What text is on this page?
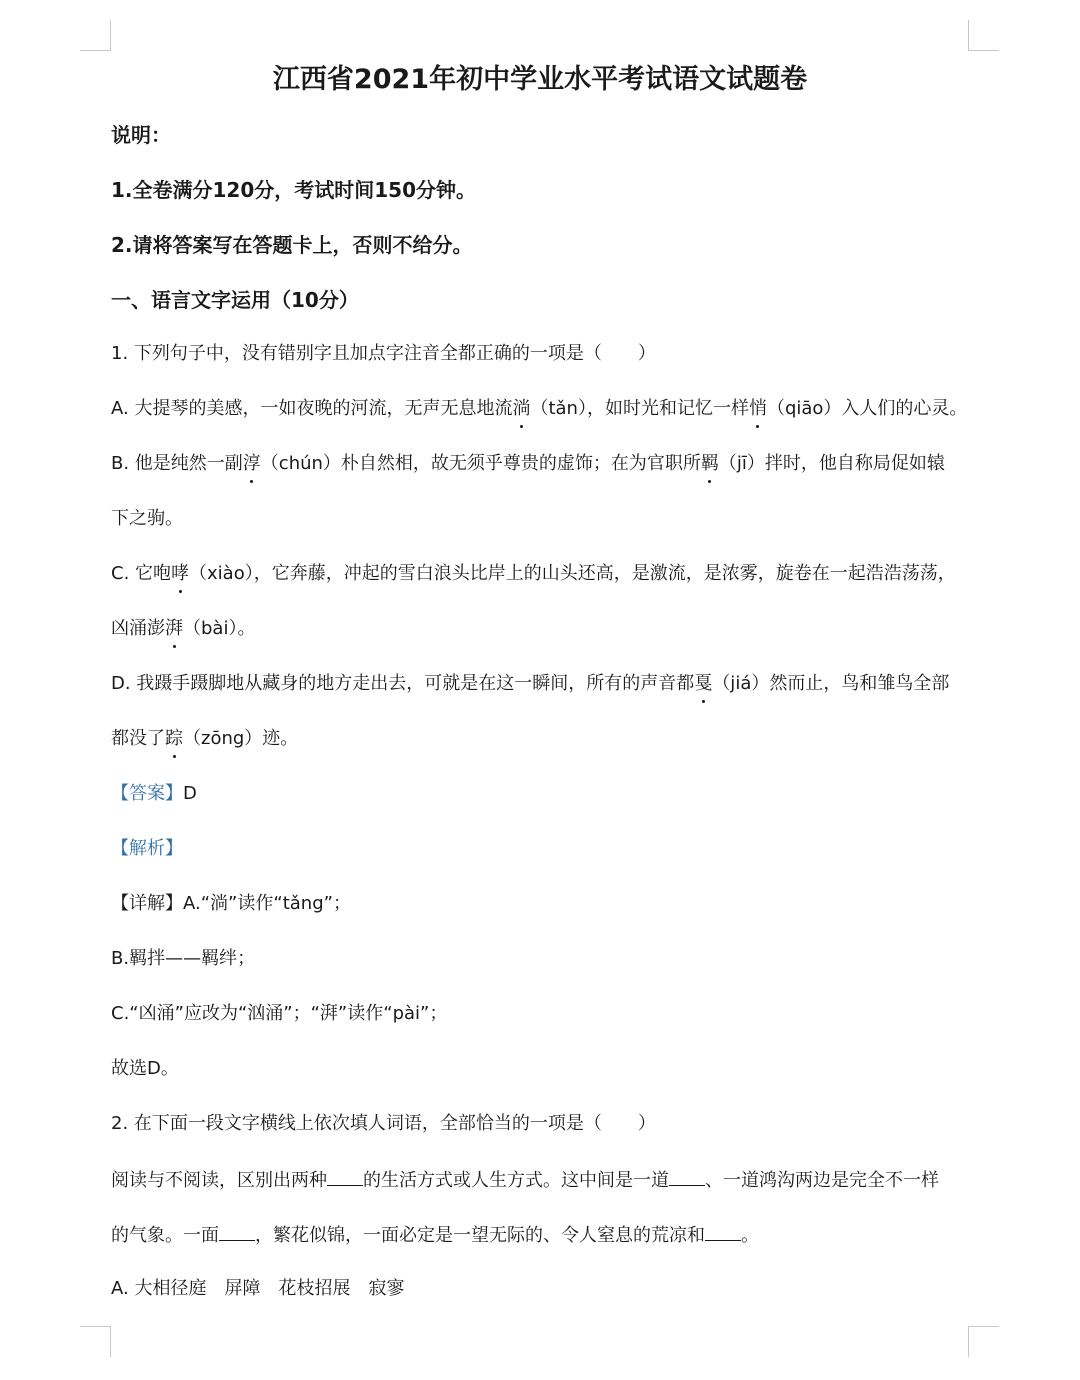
江西省2021年初中学业水平考试语文试题卷
说明：
1.全卷满分120分，考试时间150分钟。
2.请将答案写在答题卡上，否则不给分。
一、语言文字运用（10分）
1. 下列句子中，没有错别字且加点字注音全都正确的一项是（　　）
A. 大提琴的美感，一如夜晚的河流，无声无息地流淌（tǎn），如时光和记忆一样悄（qiāo）入人们的心灵。
B. 他是纯然一副淳（chún）朴自然相，故无须乎尊贵的虚饰；在为官职所羁（jī）拌时，他自称局促如辕
下之驹。
C. 它咆哮（xiào），它奔藤，冲起的雪白浪头比岸上的山头还高，是激流，是浓雾，旋卷在一起浩浩荡荡，
凶涌澎湃（bài）。
D. 我蹑手蹑脚地从藏身的地方走出去，可就是在这一瞬间，所有的声音都戛（jiá）然而止，鸟和雏鸟全部
都没了踪（zōng）迹。
【答案】D
【解析】
【详解】A.“淌”读作“tǎng”；
B.羁拌——羁绊；
C.“凶涌”应改为“汹涌”；“湃”读作“pài”；
故选D。
2. 在下面一段文字横线上依次填人词语，全部恰当的一项是（　　）
阅读与不阅读，区别出两种 的生活方式或人生方式。这中间是一道 、一道鸿沟两边是完全不一样
的气象。一面 ，繁花似锦，一面必定是一望无际的、令人窒息的荒凉和 。
A. 大相径庭　屏障　花枝招展　寂寥
